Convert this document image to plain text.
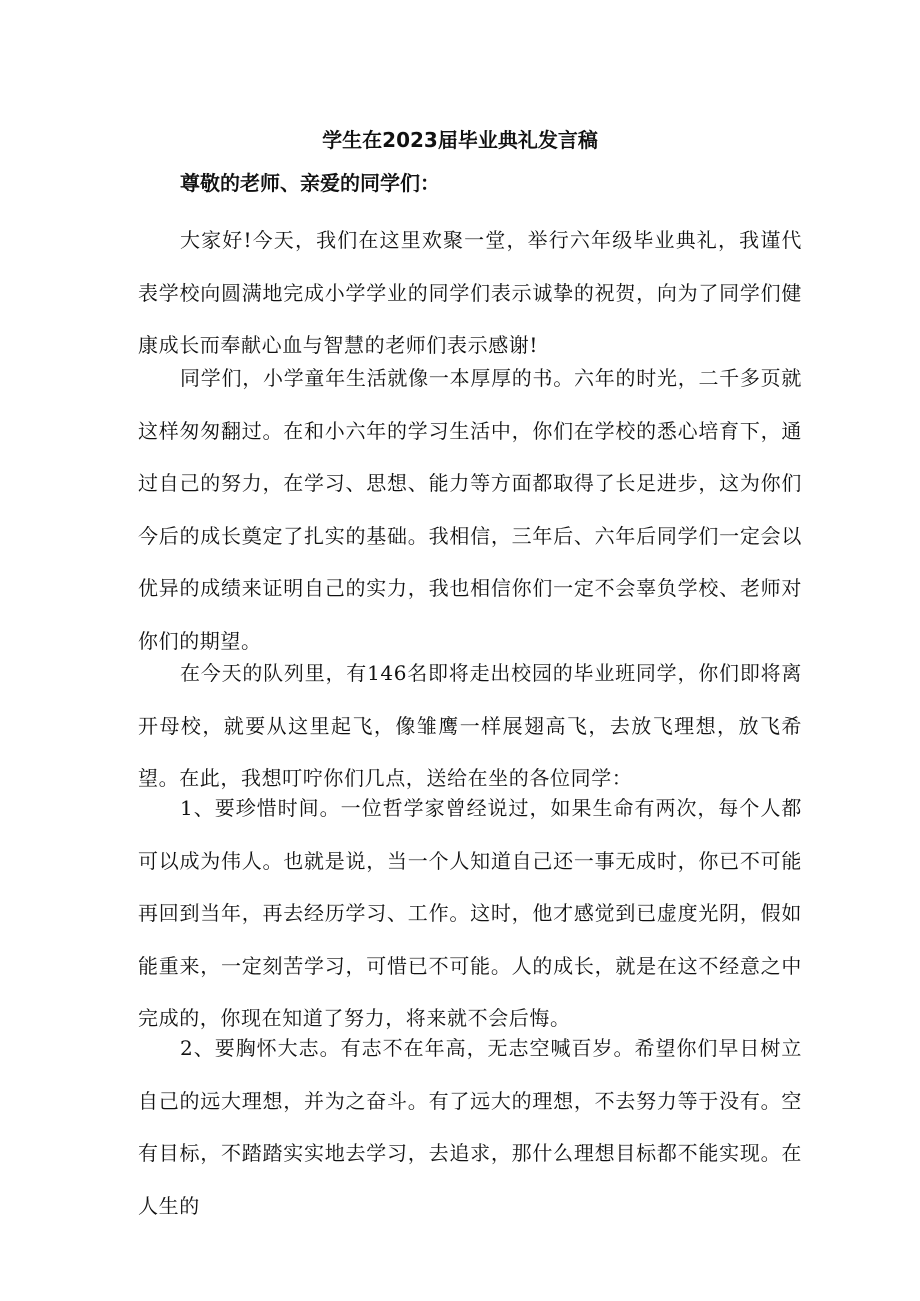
学生在2023届毕业典礼发言稿
尊敬的老师、亲爱的同学们：

大家好!今天，我们在这里欢聚一堂，举行六年级毕业典礼，我谨代表学校向圆满地完成小学学业的同学们表示诚挚的祝贺，向为了同学们健康成长而奉献心血与智慧的老师们表示感谢!

同学们，小学童年生活就像一本厚厚的书。六年的时光，二千多页就这样匆匆翻过。在和小六年的学习生活中，你们在学校的悉心培育下，通过自己的努力，在学习、思想、能力等方面都取得了长足进步，这为你们今后的成长奠定了扎实的基础。我相信，三年后、六年后同学们一定会以优异的成绩来证明自己的实力，我也相信你们一定不会辜负学校、老师对你们的期望。

在今天的队列里，有146名即将走出校园的毕业班同学，你们即将离开母校，就要从这里起飞，像雏鹰一样展翅高飞，去放飞理想，放飞希望。在此，我想叮咛你们几点，送给在坐的各位同学：

1、要珍惜时间。一位哲学家曾经说过，如果生命有两次，每个人都可以成为伟人。也就是说，当一个人知道自己还一事无成时，你已不可能再回到当年，再去经历学习、工作。这时，他才感觉到已虚度光阴，假如能重来，一定刻苦学习，可惜已不可能。人的成长，就是在这不经意之中完成的，你现在知道了努力，将来就不会后悔。

2、要胸怀大志。有志不在年高，无志空喊百岁。希望你们早日树立自己的远大理想，并为之奋斗。有了远大的理想，不去努力等于没有。空有目标，不踏踏实实地去学习，去追求，那什么理想目标都不能实现。在人生的
